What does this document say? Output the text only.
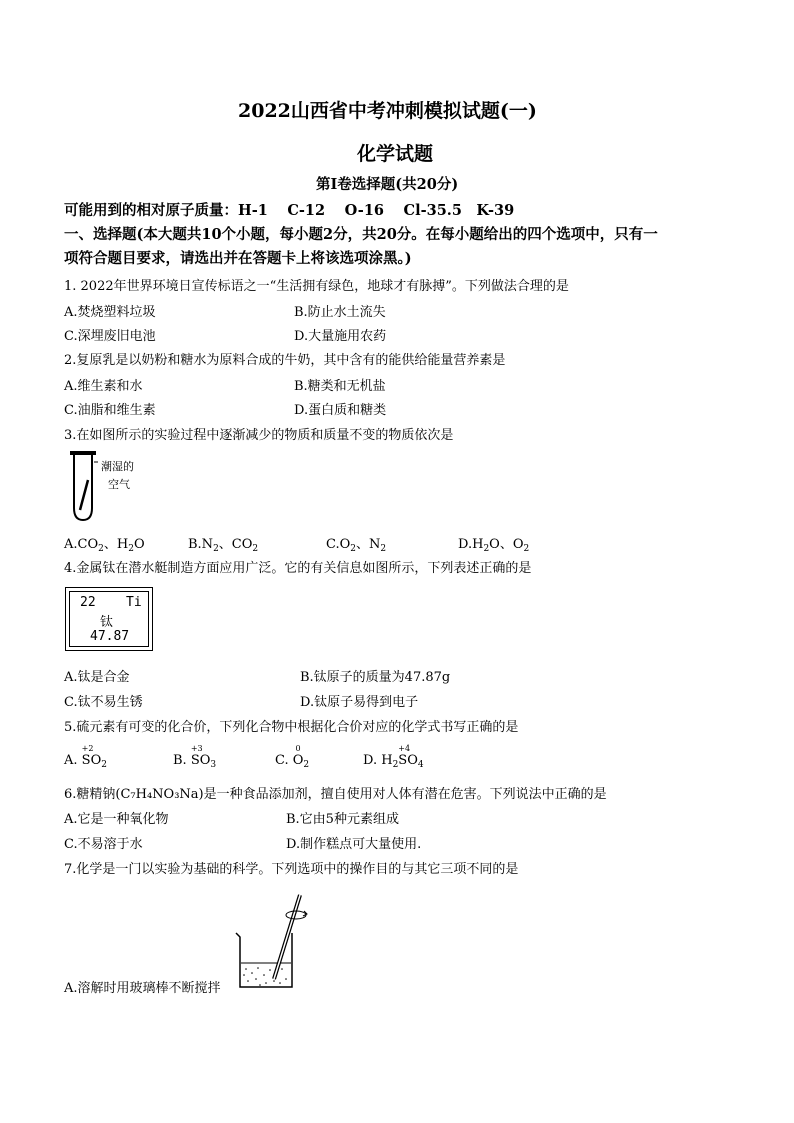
2022山西省中考冲刺模拟试题(一)
化学试题
第Ⅰ卷选择题(共20分)
可能用到的相对原子质量：H-1　 C-12　 O-16　 Cl-35.5　K-39
一、选择题(本大题共10个小题，每小题2分，共20分。在每小题给出的四个选项中，只有一
项符合题目要求，请选出并在答题卡上将该选项涂黑。)
1. 2022年世界环境日宣传标语之一“生活拥有绿色，地球才有脉搏”。下列做法合理的是
A.焚烧塑料垃圾	B.防止水土流失
C.深埋废旧电池	D.大量施用农药
2.复原乳是以奶粉和糖水为原料合成的牛奶，其中含有的能供给能量营养素是
A.维生素和水	B.糖类和无机盐
C.油脂和维生素	D.蛋白质和糖类
3.在如图所示的实验过程中逐渐减少的物质和质量不变的物质依次是
潮湿的
空气
$A.CO_2$、$H_2O$	$B.N_2$、$CO_2$	$C.O_2$、$N_2$	$D.H_2O$、$O_2$
4.金属钛在潜水艇制造方面应用广泛。它的有关信息如图所示，下列表述正确的是
22 Ti
钛
47.87
A.钛是合金	B.钛原子的质量为47.87g
C.钛不易生锈	D.钛原子易得到电子
5.硫元素有可变的化合价，下列化合物中根据化合价对应的化学式书写正确的是
A.
+2
$SO_2$	B.
+3
$SO_3$	C.
0
$O_2$	D. $H_2$
+4
$SO_4$
6.糖精钠(C₇H₄NO₃Na)是一种食品添加剂，擅自使用对人体有潜在危害。下列说法中正确的是
A.它是一种氧化物	B.它由5种元素组成
C.不易溶于水	D.制作糕点可大量使用.
7.化学是一门以实验为基础的科学。下列选项中的操作目的与其它三项不同的是
A.溶解时用玻璃棒不断搅拌
